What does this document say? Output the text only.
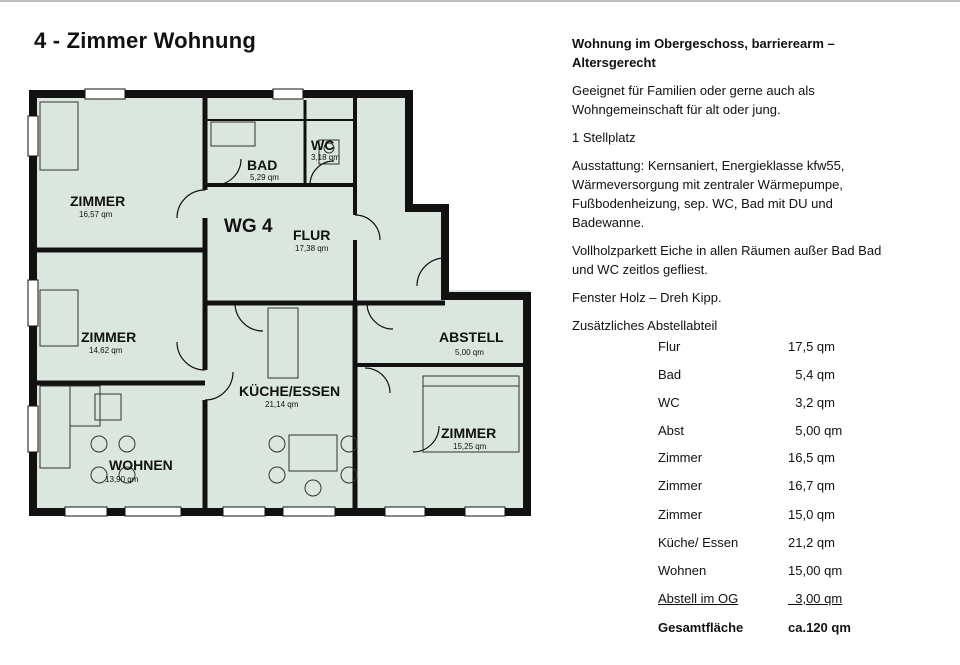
4 - Zimmer Wohnung
ZIMMER
16,57 qm
ZIMMER
14,62 qm
WOHNEN
13,90 qm
BAD
5,29 qm
WC
3,18 qm
WG 4 FLUR
17,38 qm
KÜCHE/ESSEN
21,14 qm
ABSTELL
5,00 qm
ZIMMER
15,25 qm

Wohnung im Obergeschoss, barrierearm – Altersgerecht

Geeignet für Familien oder gerne auch als Wohngemeinschaft für alt oder jung.

1 Stellplatz

Ausstattung: Kernsaniert, Energieklasse kfw55, Wärmeversorgung mit zentraler Wärmepumpe, Fußbodenheizung, sep. WC, Bad mit DU und Badewanne.

Vollholzparkett Eiche in allen Räumen außer Bad Bad und WC zeitlos gefliest.

Fenster Holz – Dreh Kipp.

Zusätzliches Abstellabteil

Flur	17,5 qm
Bad	5,4 qm
WC	3,2 qm
Abst	5,00 qm
Zimmer	16,5 qm
Zimmer	16,7 qm
Zimmer	15,0 qm
Küche/ Essen	21,2 qm
Wohnen	15,00 qm
Abstell im OG	3,00 qm
Gesamtfläche	ca.120 qm
